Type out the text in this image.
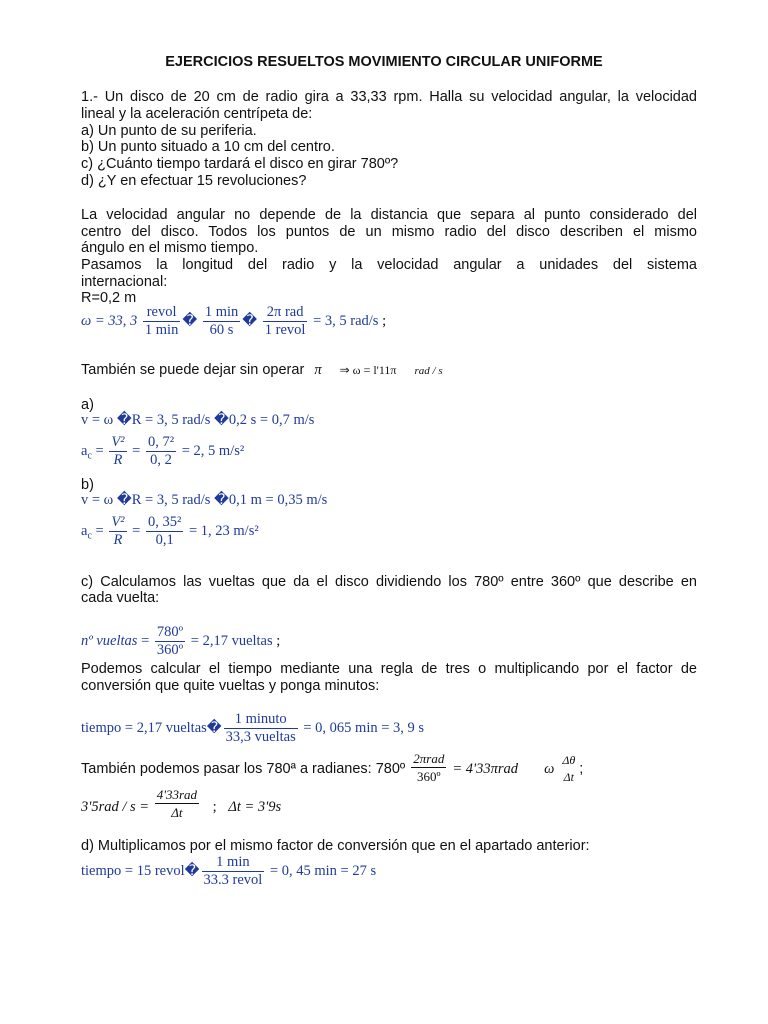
EJERCICIOS RESUELTOS MOVIMIENTO CIRCULAR UNIFORME
1.- Un disco de 20 cm de radio gira a 33,33 rpm. Halla su velocidad angular, la velocidad
lineal y la aceleración centrípeta de:
a) Un punto de su periferia.
b) Un punto situado a 10 cm del centro.
c) ¿Cuánto tiempo tardará el disco en girar 780º?
d) ¿Y en efectuar 15 revoluciones?
La velocidad angular no depende de la distancia que separa al punto considerado del
centro del disco. Todos los puntos de un mismo radio del disco describen el mismo
ángulo en el mismo tiempo.
Pasamos la longitud del radio y la velocidad angular a unidades del sistema
internacional:
R=0,2 m
ω = 33, $3 \frac{\text{revol}}{1 \min}$ � $\frac{1 \min}{60 s}$ � $\frac{\text{2π rad}}{\text{1 revol}} = 3$, 5 rad/s ;
También se puede dejar sin operar π ⇒ ω = l'11π rad / s
a)
v = ω �R = 3, 5 rad/s �0,2 s = 0,7 m/s
$a_c = \frac{\text{V²}}{R} = \frac{\text{0, 7²}}{0, 2} = 2$, 5 m/s²
b)
v = ω �R = 3, 5 rad/s �0,1 m = 0,35 m/s
$a_c = \frac{\text{V²}}{R} = \frac{\text{0, 35²}}{0,1} = 1$, 23 m/s²
c) Calculamos las vueltas que da el disco dividiendo los 780º entre 360º que describe en
cada vuelta:
nº vueltas = $\frac{\text{780º}}{\text{360º}} = 2,17$ vueltas ;
Podemos calcular el tiempo mediante una regla de tres o multiplicando por el factor de
conversión que quite vueltas y ponga minutos:
tiempo = 2,17 vueltas� $\frac{\text{1 minuto}}{\text{33,3 vueltas}} = 0$, 065 min = 3, 9 s
También podemos pasar los 780ª a radianes: 780º $\frac{\text{2πrad}}{\text{360º}} = 4'33\pi rad$ ω
Δθ
Δt ;
$3'5rad / s = \frac{\text{4'33rad}}{\Delta t}$ ; Δt = 3'9s
d) Multiplicamos por el mismo factor de conversión que en el apartado anterior:
tiempo = 15 revol� $\frac{1 \min}{\text{33.3 revol}} = 0$, 45 min = 27 s
